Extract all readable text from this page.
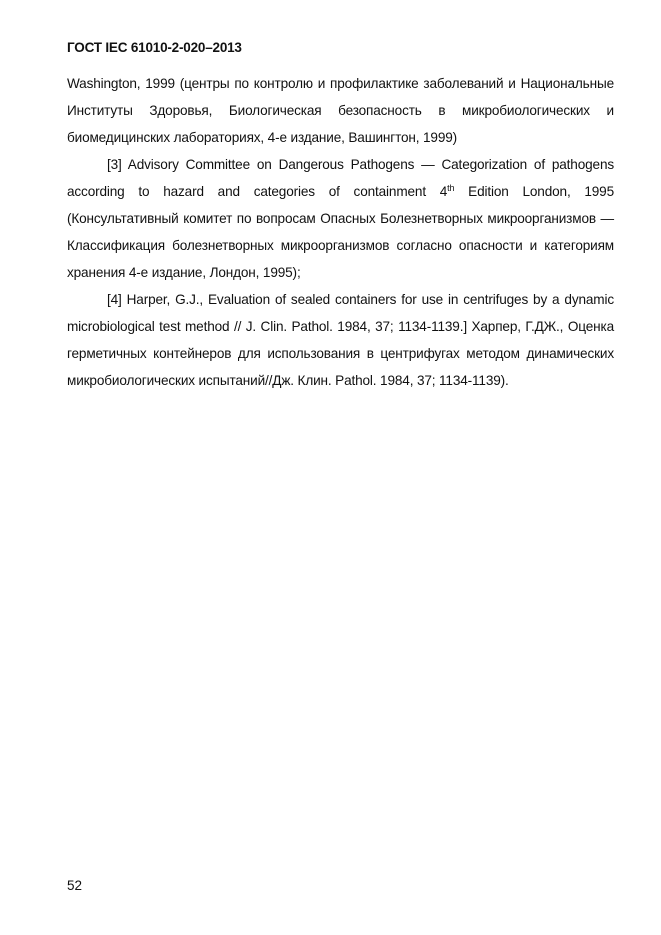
ГОСТ IEC 61010-2-020–2013

Washington, 1999 (центры по контролю и профилактике заболеваний и Национальные Институты Здоровья, Биологическая безопасность в микробиологических и биомедицинских лабораториях, 4-е издание, Вашингтон, 1999)

[3] Advisory Committee on Dangerous Pathogens — Categorization of pathogens according to hazard and categories of containment 4th Edition London, 1995 (Консультативный комитет по вопросам Опасных Болезнетворных микроорганизмов — Классификация болезнетворных микроорганизмов согласно опасности и категориям хранения 4-е издание, Лондон, 1995);

[4] Harper, G.J., Evaluation of sealed containers for use in centrifuges by a dynamic microbiological test method // J. Clin. Pathol. 1984, 37; 1134-1139.] Харпер, Г.ДЖ., Оценка герметичных контейнеров для использования в центрифугах методом динамических микробиологических испытаний//Дж. Клин. Pathol. 1984, 37; 1134-1139).

52
